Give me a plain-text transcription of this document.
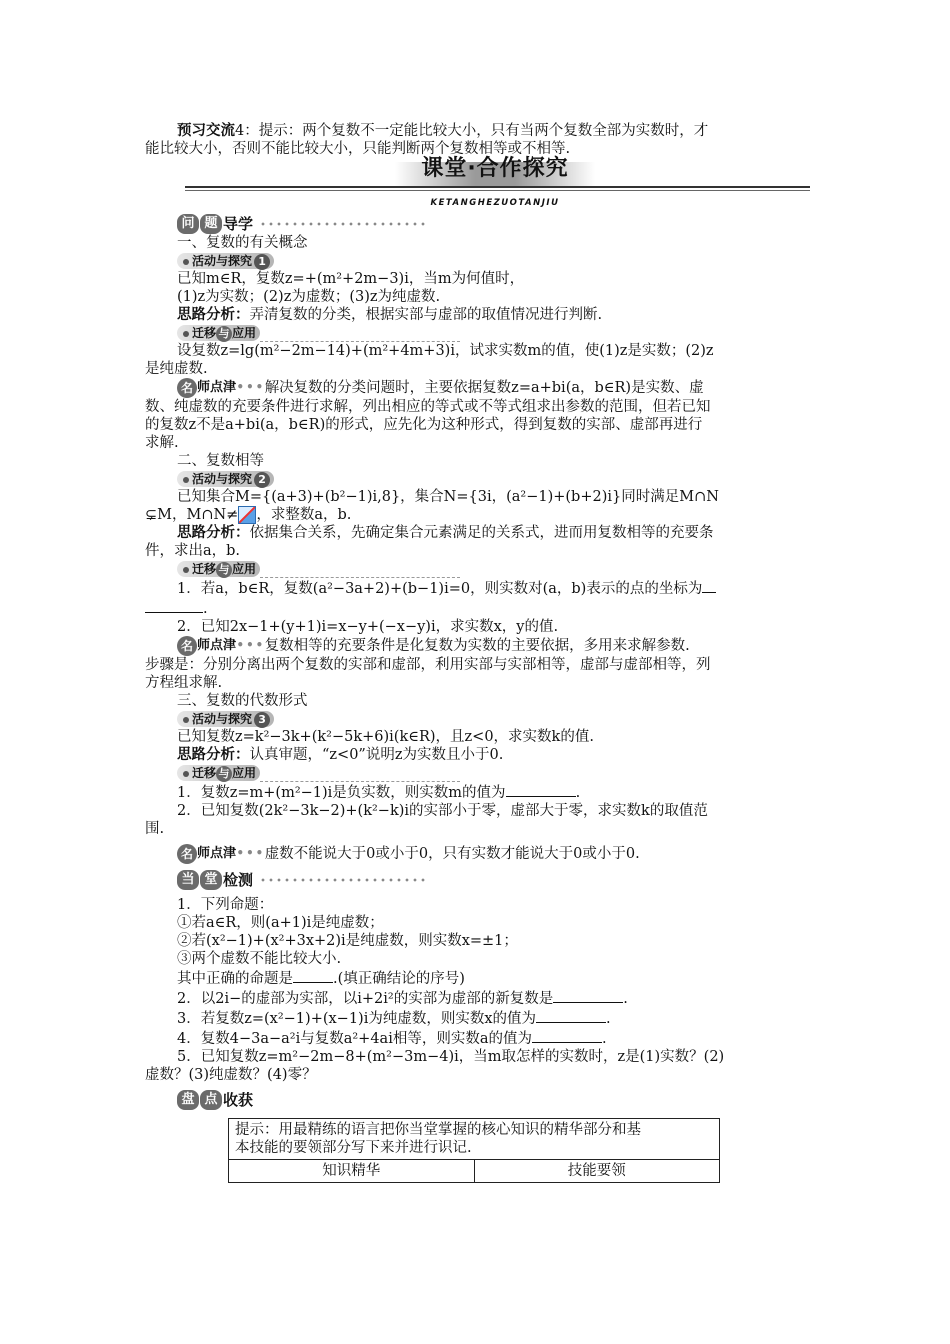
预习交流4：提示：两个复数不一定能比较大小，只有当两个复数全部为实数时，才
能比较大小，否则不能比较大小，只能判断两个复数相等或不相等.
课堂·合作探究
KETANGHEZUOTANJIU
问 题 导学
一、复数的有关概念
活动与探究 1
已知m∈R，复数z=+(m²+2m−3)i，当m为何值时，
(1)z为实数；(2)z为虚数；(3)z为纯虚数.
思路分析：弄清复数的分类，根据实部与虚部的取值情况进行判断.
迁移 与 应用
设复数z=lg(m²−2m−14)+(m²+4m+3)i，试求实数m的值，使(1)z是实数；(2)z
是纯虚数.
名 师点津•••解决复数的分类问题时，主要依据复数z=a+bi(a，b∈R)是实数、虚
数、纯虚数的充要条件进行求解，列出相应的等式或不等式组求出参数的范围，但若已知
的复数z不是a+bi(a，b∈R)的形式，应先化为这种形式，得到复数的实部、虚部再进行
求解.
二、复数相等
活动与探究 2
已知集合M={(a+3)+(b²−1)i,8}，集合N={3i，(a²−1)+(b+2)i}同时满足M∩N
⊊M，M∩N≠ ，求整数a，b.
思路分析：依据集合关系，先确定集合元素满足的关系式，进而用复数相等的充要条
件，求出a，b.
迁移 与 应用
1．若a，b∈R，复数(a²−3a+2)+(b−1)i=0，则实数对(a，b)表示的点的坐标为
.
2．已知2x−1+(y+1)i=x−y+(−x−y)i，求实数x，y的值.
名 师点津•••复数相等的充要条件是化复数为实数的主要依据，多用来求解参数.
步骤是：分别分离出两个复数的实部和虚部，利用实部与实部相等，虚部与虚部相等，列
方程组求解.
三、复数的代数形式
活动与探究 3
已知复数z=k²−3k+(k²−5k+6)i(k∈R)，且z<0，求实数k的值.
思路分析：认真审题，“z<0”说明z为实数且小于0.
迁移 与 应用
1．复数z=m+(m²−1)i是负实数，则实数m的值为	.
2．已知复数(2k²−3k−2)+(k²−k)i的实部小于零，虚部大于零，求实数k的取值范
围.
名 师点津•••虚数不能说大于0或小于0，只有实数才能说大于0或小于0.
当 堂 检测
1．下列命题：
①若a∈R，则(a+1)i是纯虚数；
②若(x²−1)+(x²+3x+2)i是纯虚数，则实数x=±1；
③两个虚数不能比较大小.
其中正确的命题是	.(填正确结论的序号)
2．以2i−的虚部为实部，以i+2i²的实部为虚部的新复数是	.
3．若复数z=(x²−1)+(x−1)i为纯虚数，则实数x的值为	.
4．复数4−3a−a²i与复数a²+4ai相等，则实数a的值为	.
5．已知复数z=m²−2m−8+(m²−3m−4)i，当m取怎样的实数时，z是(1)实数？(2)
虚数？(3)纯虚数？(4)零？
盘 点 收获
提示：用最精练的语言把你当堂掌握的核心知识的精华部分和基
本技能的要领部分写下来并进行识记.

知识精华	技能要领
